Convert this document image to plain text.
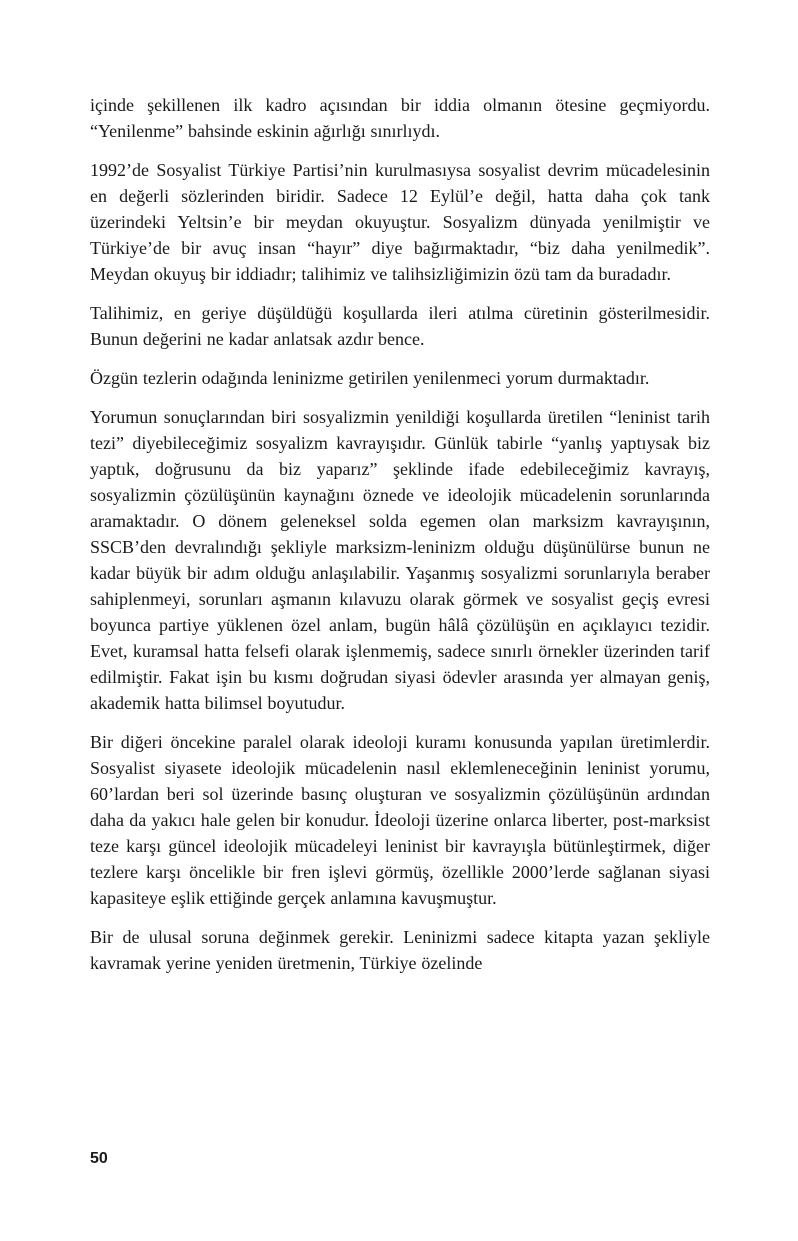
içinde şekillenen ilk kadro açısından bir iddia olmanın ötesine geçmiyordu. “Yenilenme” bahsinde eskinin ağırlığı sınırlıydı.

1992’de Sosyalist Türkiye Partisi’nin kurulmasıysa sosyalist devrim mücadelesinin en değerli sözlerinden biridir. Sadece 12 Eylül’e değil, hatta daha çok tank üzerindeki Yeltsin’e bir meydan okuyuştur. Sosyalizm dünyada yenilmiştir ve Türkiye’de bir avuç insan “hayır” diye bağırmaktadır, “biz daha yenilmedik”. Meydan okuyuş bir iddiadır; talihimiz ve talihsizliğimizin özü tam da buradadır.

Talihimiz, en geriye düşüldüğü koşullarda ileri atılma cüretinin gösterilmesidir. Bunun değerini ne kadar anlatsak azdır bence.

Özgün tezlerin odağında leninizme getirilen yenilenmeci yorum durmaktadır.

Yorumun sonuçlarından biri sosyalizmin yenildiği koşullarda üretilen “leninist tarih tezi” diyebileceğimiz sosyalizm kavrayışıdır. Günlük tabirle “yanlış yaptıysak biz yaptık, doğrusunu da biz yaparız” şeklinde ifade edebileceğimiz kavrayış, sosyalizmin çözülüşünün kaynağını öznede ve ideolojik mücadelenin sorunlarında aramaktadır. O dönem geleneksel solda egemen olan marksizm kavrayışının, SSCB’den devralındığı şekliyle marksizm-leninizm olduğu düşünülürse bunun ne kadar büyük bir adım olduğu anlaşılabilir. Yaşanmış sosyalizmi sorunlarıyla beraber sahiplenmeyi, sorunları aşmanın kılavuzu olarak görmek ve sosyalist geçiş evresi boyunca partiye yüklenen özel anlam, bugün hâlâ çözülüşün en açıklayıcı tezidir. Evet, kuramsal hatta felsefi olarak işlenmemiş, sadece sınırlı örnekler üzerinden tarif edilmiştir. Fakat işin bu kısmı doğrudan siyasi ödevler arasında yer almayan geniş, akademik hatta bilimsel boyutudur.

Bir diğeri öncekine paralel olarak ideoloji kuramı konusunda yapılan üretimlerdir. Sosyalist siyasete ideolojik mücadelenin nasıl eklemleneceğinin leninist yorumu, 60’lardan beri sol üzerinde basınç oluşturan ve sosyalizmin çözülüşünün ardından daha da yakıcı hale gelen bir konudur. İdeoloji üzerine onlarca liberter, post-marksist teze karşı güncel ideolojik mücadeleyi leninist bir kavrayışla bütünleştirmek, diğer tezlere karşı öncelikle bir fren işlevi görmüş, özellikle 2000’lerde sağlanan siyasi kapasiteye eşlik ettiğinde gerçek anlamına kavuşmuştur.

Bir de ulusal soruna değinmek gerekir. Leninizmi sadece kitapta yazan şekliyle kavramak yerine yeniden üretmenin, Türkiye özelinde

50
